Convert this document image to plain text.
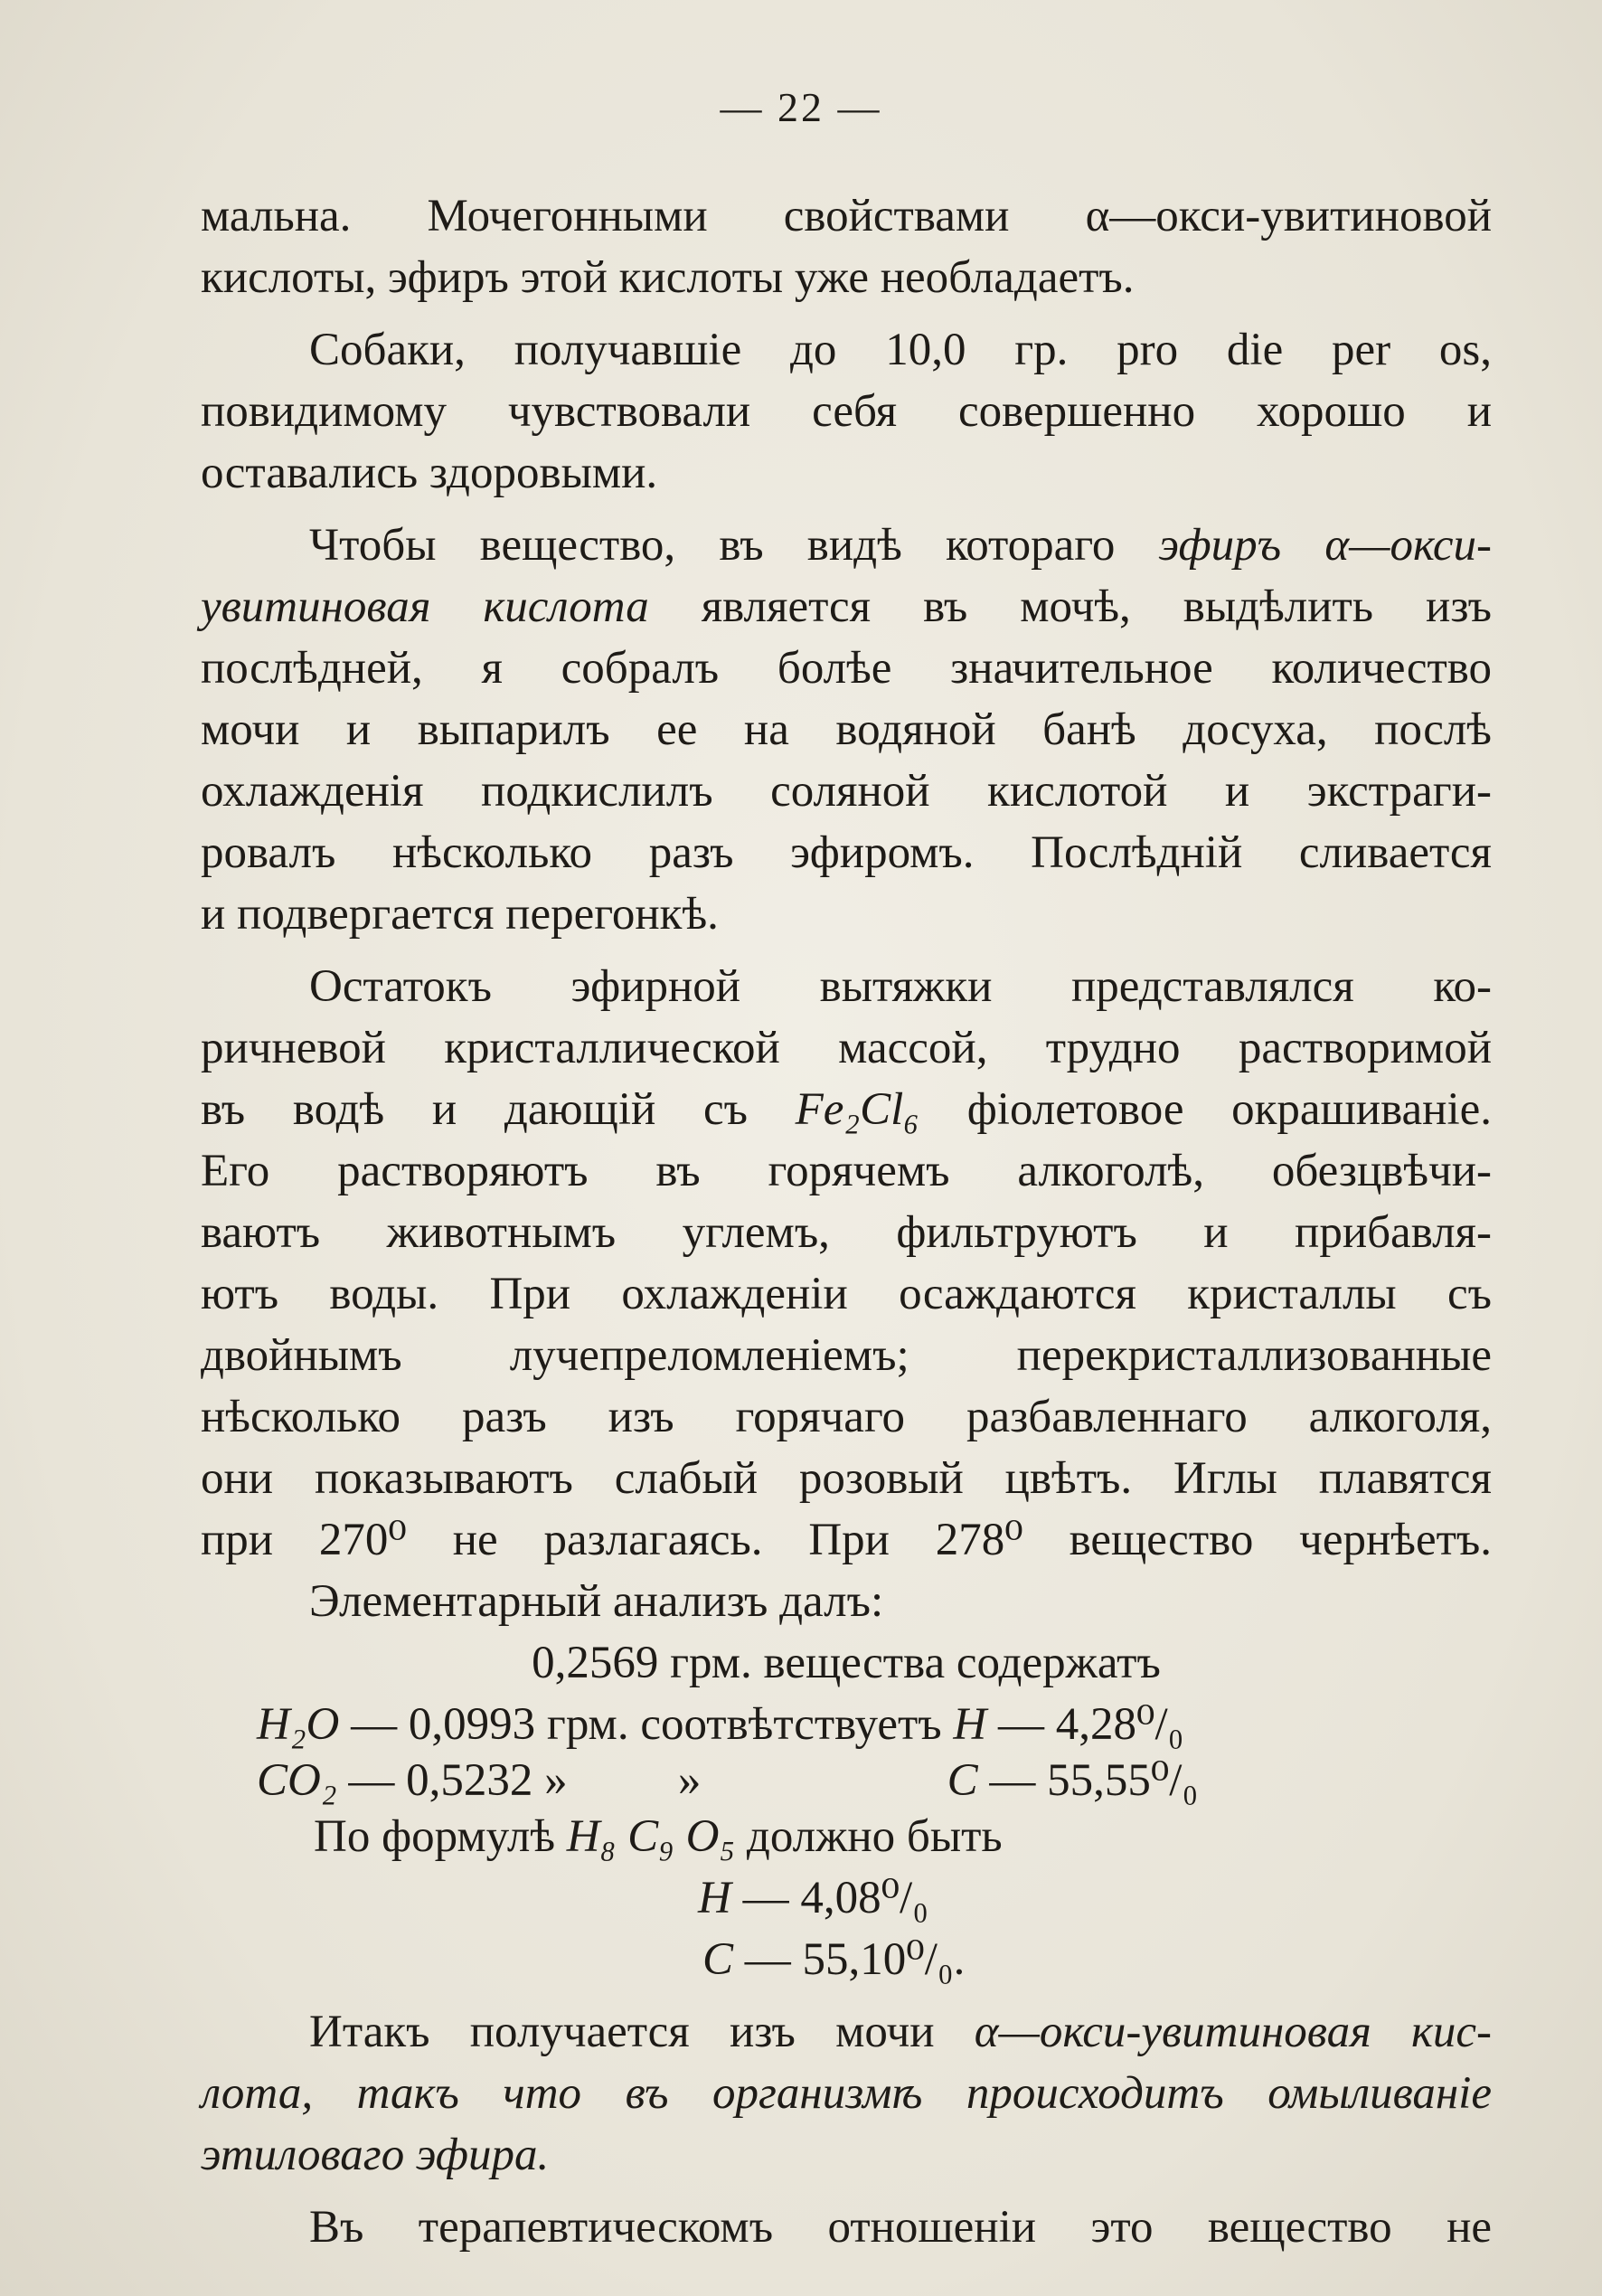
— 22 —
мальна. Мочегонными свойствами α—окси-увитиновой
кислоты, эфиръ этой кислоты уже необладаетъ.
Собаки, получавшіе до 10,0 гр. pro die per os,
повидимому чувствовали себя совершенно хорошо и
оставались здоровыми.
Чтобы вещество, въ видѣ котораго эфиръ α—окси-
увитиновая кислота является въ мочѣ, выдѣлить изъ
послѣдней, я собралъ болѣе значительное количество
мочи и выпарилъ ее на водяной банѣ досуха, послѣ
охлажденія подкислилъ соляной кислотой и экстраги-
ровалъ нѣсколько разъ эфиромъ. Послѣдній сливается
и подвергается перегонкѣ.
Остатокъ эфирной вытяжки представлялся ко-
ричневой кристаллической массой, трудно растворимой
въ водѣ и дающій съ Fe₂Cl₆ фіолетовое окрашиваніе.
Его растворяютъ въ горячемъ алкоголѣ, обезцвѣчи-
ваютъ животнымъ углемъ, фильтруютъ и прибавля-
ютъ воды. При охлажденіи осаждаются кристаллы съ
двойнымъ лучепреломленіемъ; перекристаллизованные
нѣсколько разъ изъ горячаго разбавленнаго алкоголя,
они показываютъ слабый розовый цвѣтъ. Иглы плавятся
при 270⁰ не разлагаясь. При 278⁰ вещество чернѣетъ.
Элементарный анализъ далъ:
0,2569 грм. вещества содержатъ
H₂O — 0,0993 грм. соотвѣтствуетъ H — 4,28⁰/₀
CO₂ — 0,5232 » »	C — 55,55⁰/₀
По формулѣ H₈ C₉ O₅ должно быть
H — 4,08⁰/₀
C — 55,10⁰/₀.
Итакъ получается изъ мочи α—окси-увитиновая кис-
лота, такъ что въ организмѣ происходитъ омыливаніе
этиловаго эфира.
Въ терапевтическомъ отношеніи это вещество не
